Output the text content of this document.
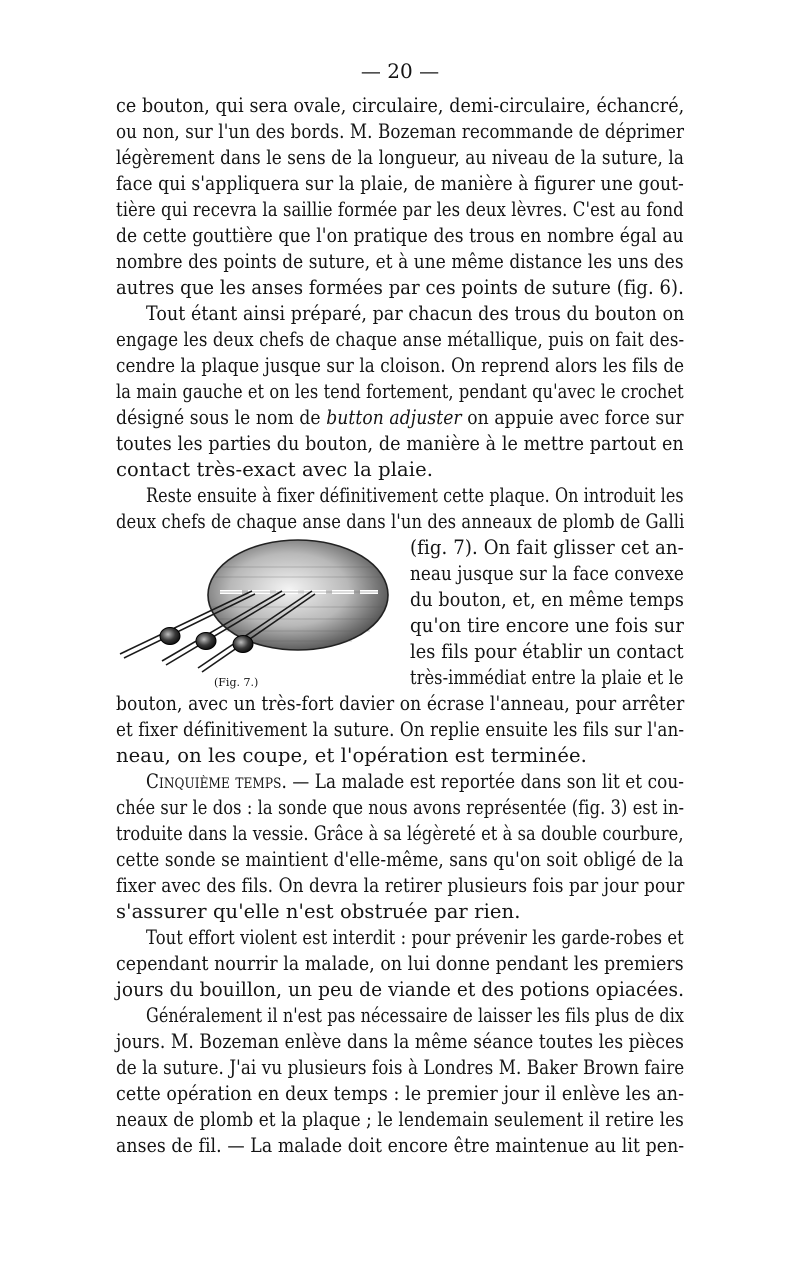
— 20 —
ce bouton, qui sera ovale, circulaire, demi-circulaire, échancré,
ou non, sur l'un des bords. M. Bozeman recommande de déprimer
légèrement dans le sens de la longueur, au niveau de la suture, la
face qui s'appliquera sur la plaie, de manière à figurer une gout-
tière qui recevra la saillie formée par les deux lèvres. C'est au fond
de cette gouttière que l'on pratique des trous en nombre égal au
nombre des points de suture, et à une même distance les uns des
autres que les anses formées par ces points de suture (fig. 6).
Tout étant ainsi préparé, par chacun des trous du bouton on
engage les deux chefs de chaque anse métallique, puis on fait des-
cendre la plaque jusque sur la cloison. On reprend alors les fils de
la main gauche et on les tend fortement, pendant qu'avec le crochet
désigné sous le nom de button adjuster on appuie avec force sur
toutes les parties du bouton, de manière à le mettre partout en
contact très-exact avec la plaie.
Reste ensuite à fixer définitivement cette plaque. On introduit les
deux chefs de chaque anse dans l'un des anneaux de plomb de Galli
(Fig. 7.)
(fig. 7). On fait glisser cet an-
neau jusque sur la face convexe
du bouton, et, en même temps
qu'on tire encore une fois sur
les fils pour établir un contact
très-immédiat entre la plaie et le
bouton, avec un très-fort davier on écrase l'anneau, pour arrêter
et fixer définitivement la suture. On replie ensuite les fils sur l'an-
neau, on les coupe, et l'opération est terminée.
Cinquième temps. — La malade est reportée dans son lit et cou-
chée sur le dos : la sonde que nous avons représentée (fig. 3) est in-
troduite dans la vessie. Grâce à sa légèreté et à sa double courbure,
cette sonde se maintient d'elle-même, sans qu'on soit obligé de la
fixer avec des fils. On devra la retirer plusieurs fois par jour pour
s'assurer qu'elle n'est obstruée par rien.
Tout effort violent est interdit : pour prévenir les garde-robes et
cependant nourrir la malade, on lui donne pendant les premiers
jours du bouillon, un peu de viande et des potions opiacées.
Généralement il n'est pas nécessaire de laisser les fils plus de dix
jours. M. Bozeman enlève dans la même séance toutes les pièces
de la suture. J'ai vu plusieurs fois à Londres M. Baker Brown faire
cette opération en deux temps : le premier jour il enlève les an-
neaux de plomb et la plaque ; le lendemain seulement il retire les
anses de fil. — La malade doit encore être maintenue au lit pen-
